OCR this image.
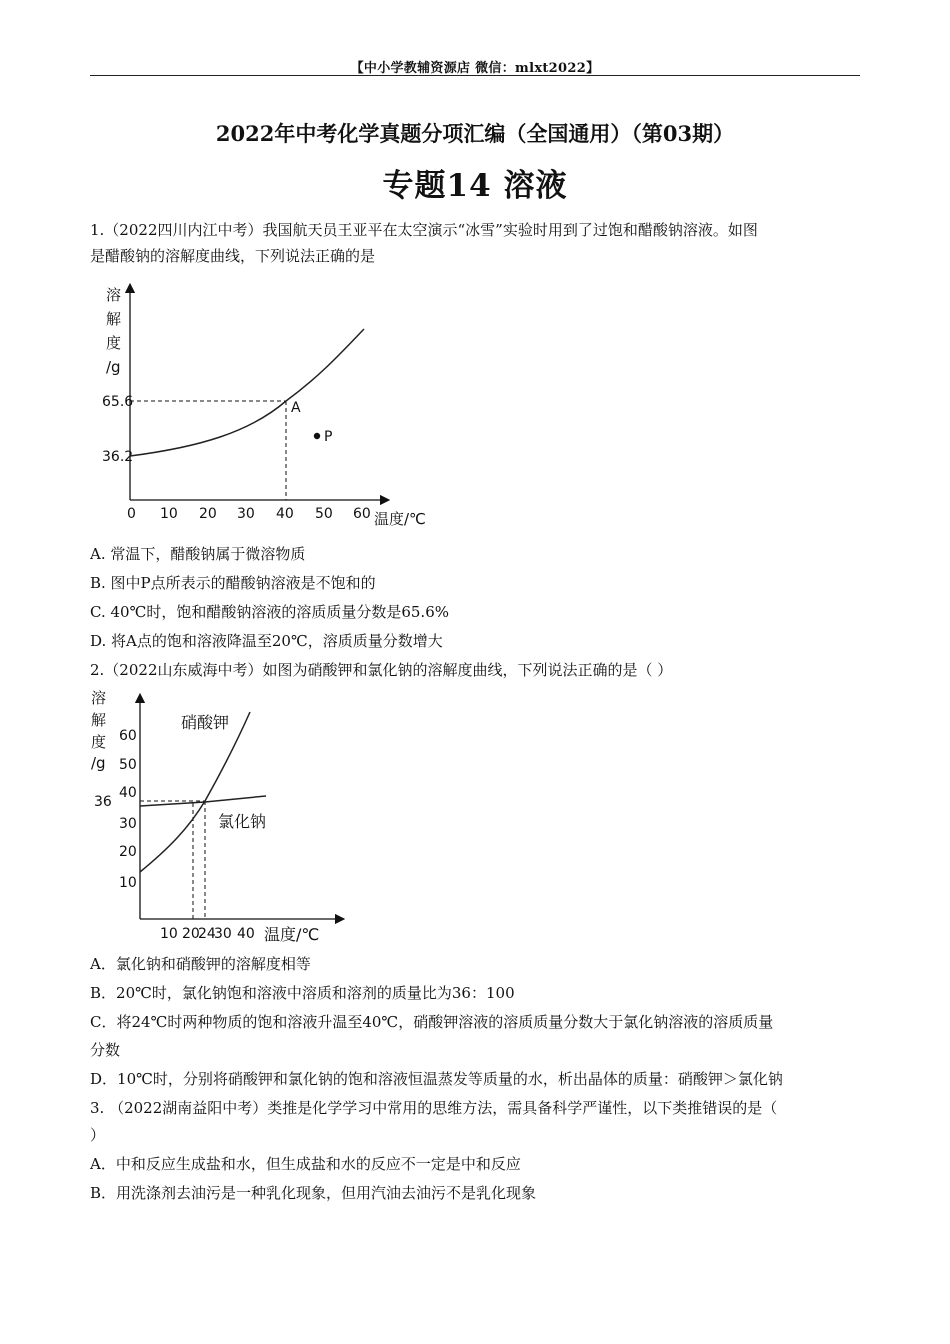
【中小学教辅资源店 微信：mlxt2022】
2022年中考化学真题分项汇编（全国通用）（第03期）
专题14 溶液
1.（2022四川内江中考）我国航天员王亚平在太空演示“冰雪”实验时用到了过饱和醋酸钠溶液。如图
是醋酸钠的溶解度曲线，下列说法正确的是
溶
解
度
/g
65.6
36.2
A
P
0 10 20 30 40 50 60 温度/℃
A. 常温下，醋酸钠属于微溶物质
B. 图中P点所表示的醋酸钠溶液是不饱和的
C. 40℃时，饱和醋酸钠溶液的溶质质量分数是65.6%
D. 将A点的饱和溶液降温至20℃，溶质质量分数增大
2.（2022山东威海中考）如图为硝酸钾和氯化钠的溶解度曲线，下列说法正确的是（ ）
溶
解
度
/g
60
50
40
36
30
20
10
硝酸钾
氯化钠
10 20
24
30 40 温度/℃
A．氯化钠和硝酸钾的溶解度相等
B．20℃时，氯化钠饱和溶液中溶质和溶剂的质量比为36：100
C．将24℃时两种物质的饱和溶液升温至40℃，硝酸钾溶液的溶质质量分数大于氯化钠溶液的溶质质量
分数
D．10℃时，分别将硝酸钾和氯化钠的饱和溶液恒温蒸发等质量的水，析出晶体的质量：硝酸钾＞氯化钠
3. （2022湖南益阳中考）类推是化学学习中常用的思维方法，需具备科学严谨性，以下类推错误的是（
）
A．中和反应生成盐和水，但生成盐和水的反应不一定是中和反应
B．用洗涤剂去油污是一种乳化现象，但用汽油去油污不是乳化现象
